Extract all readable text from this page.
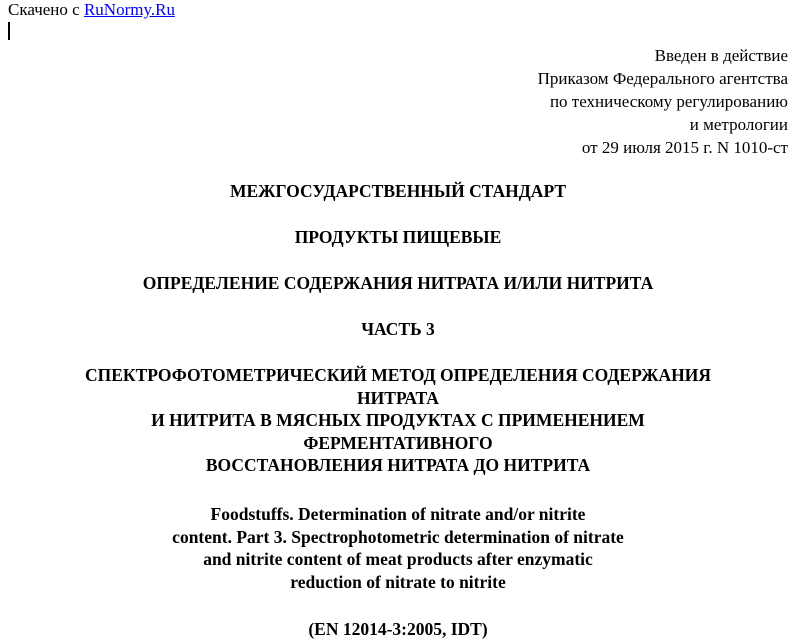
Скачено с RuNormy.Ru
Введен в действие
Приказом Федерального агентства
по техническому регулированию
и метрологии
от 29 июля 2015 г. N 1010-ст
МЕЖГОСУДАРСТВЕННЫЙ СТАНДАРТ
ПРОДУКТЫ ПИЩЕВЫЕ
ОПРЕДЕЛЕНИЕ СОДЕРЖАНИЯ НИТРАТА И/ИЛИ НИТРИТА
ЧАСТЬ 3
СПЕКТРОФОТОМЕТРИЧЕСКИЙ МЕТОД ОПРЕДЕЛЕНИЯ СОДЕРЖАНИЯ
НИТРАТА
И НИТРИТА В МЯСНЫХ ПРОДУКТАХ С ПРИМЕНЕНИЕМ
ФЕРМЕНТАТИВНОГО
ВОССТАНОВЛЕНИЯ НИТРАТА ДО НИТРИТА
Foodstuffs. Determination of nitrate and/or nitrite
content. Part 3. Spectrophotometric determination of nitrate
and nitrite content of meat products after enzymatic
reduction of nitrate to nitrite
(EN 12014-3:2005, IDT)
